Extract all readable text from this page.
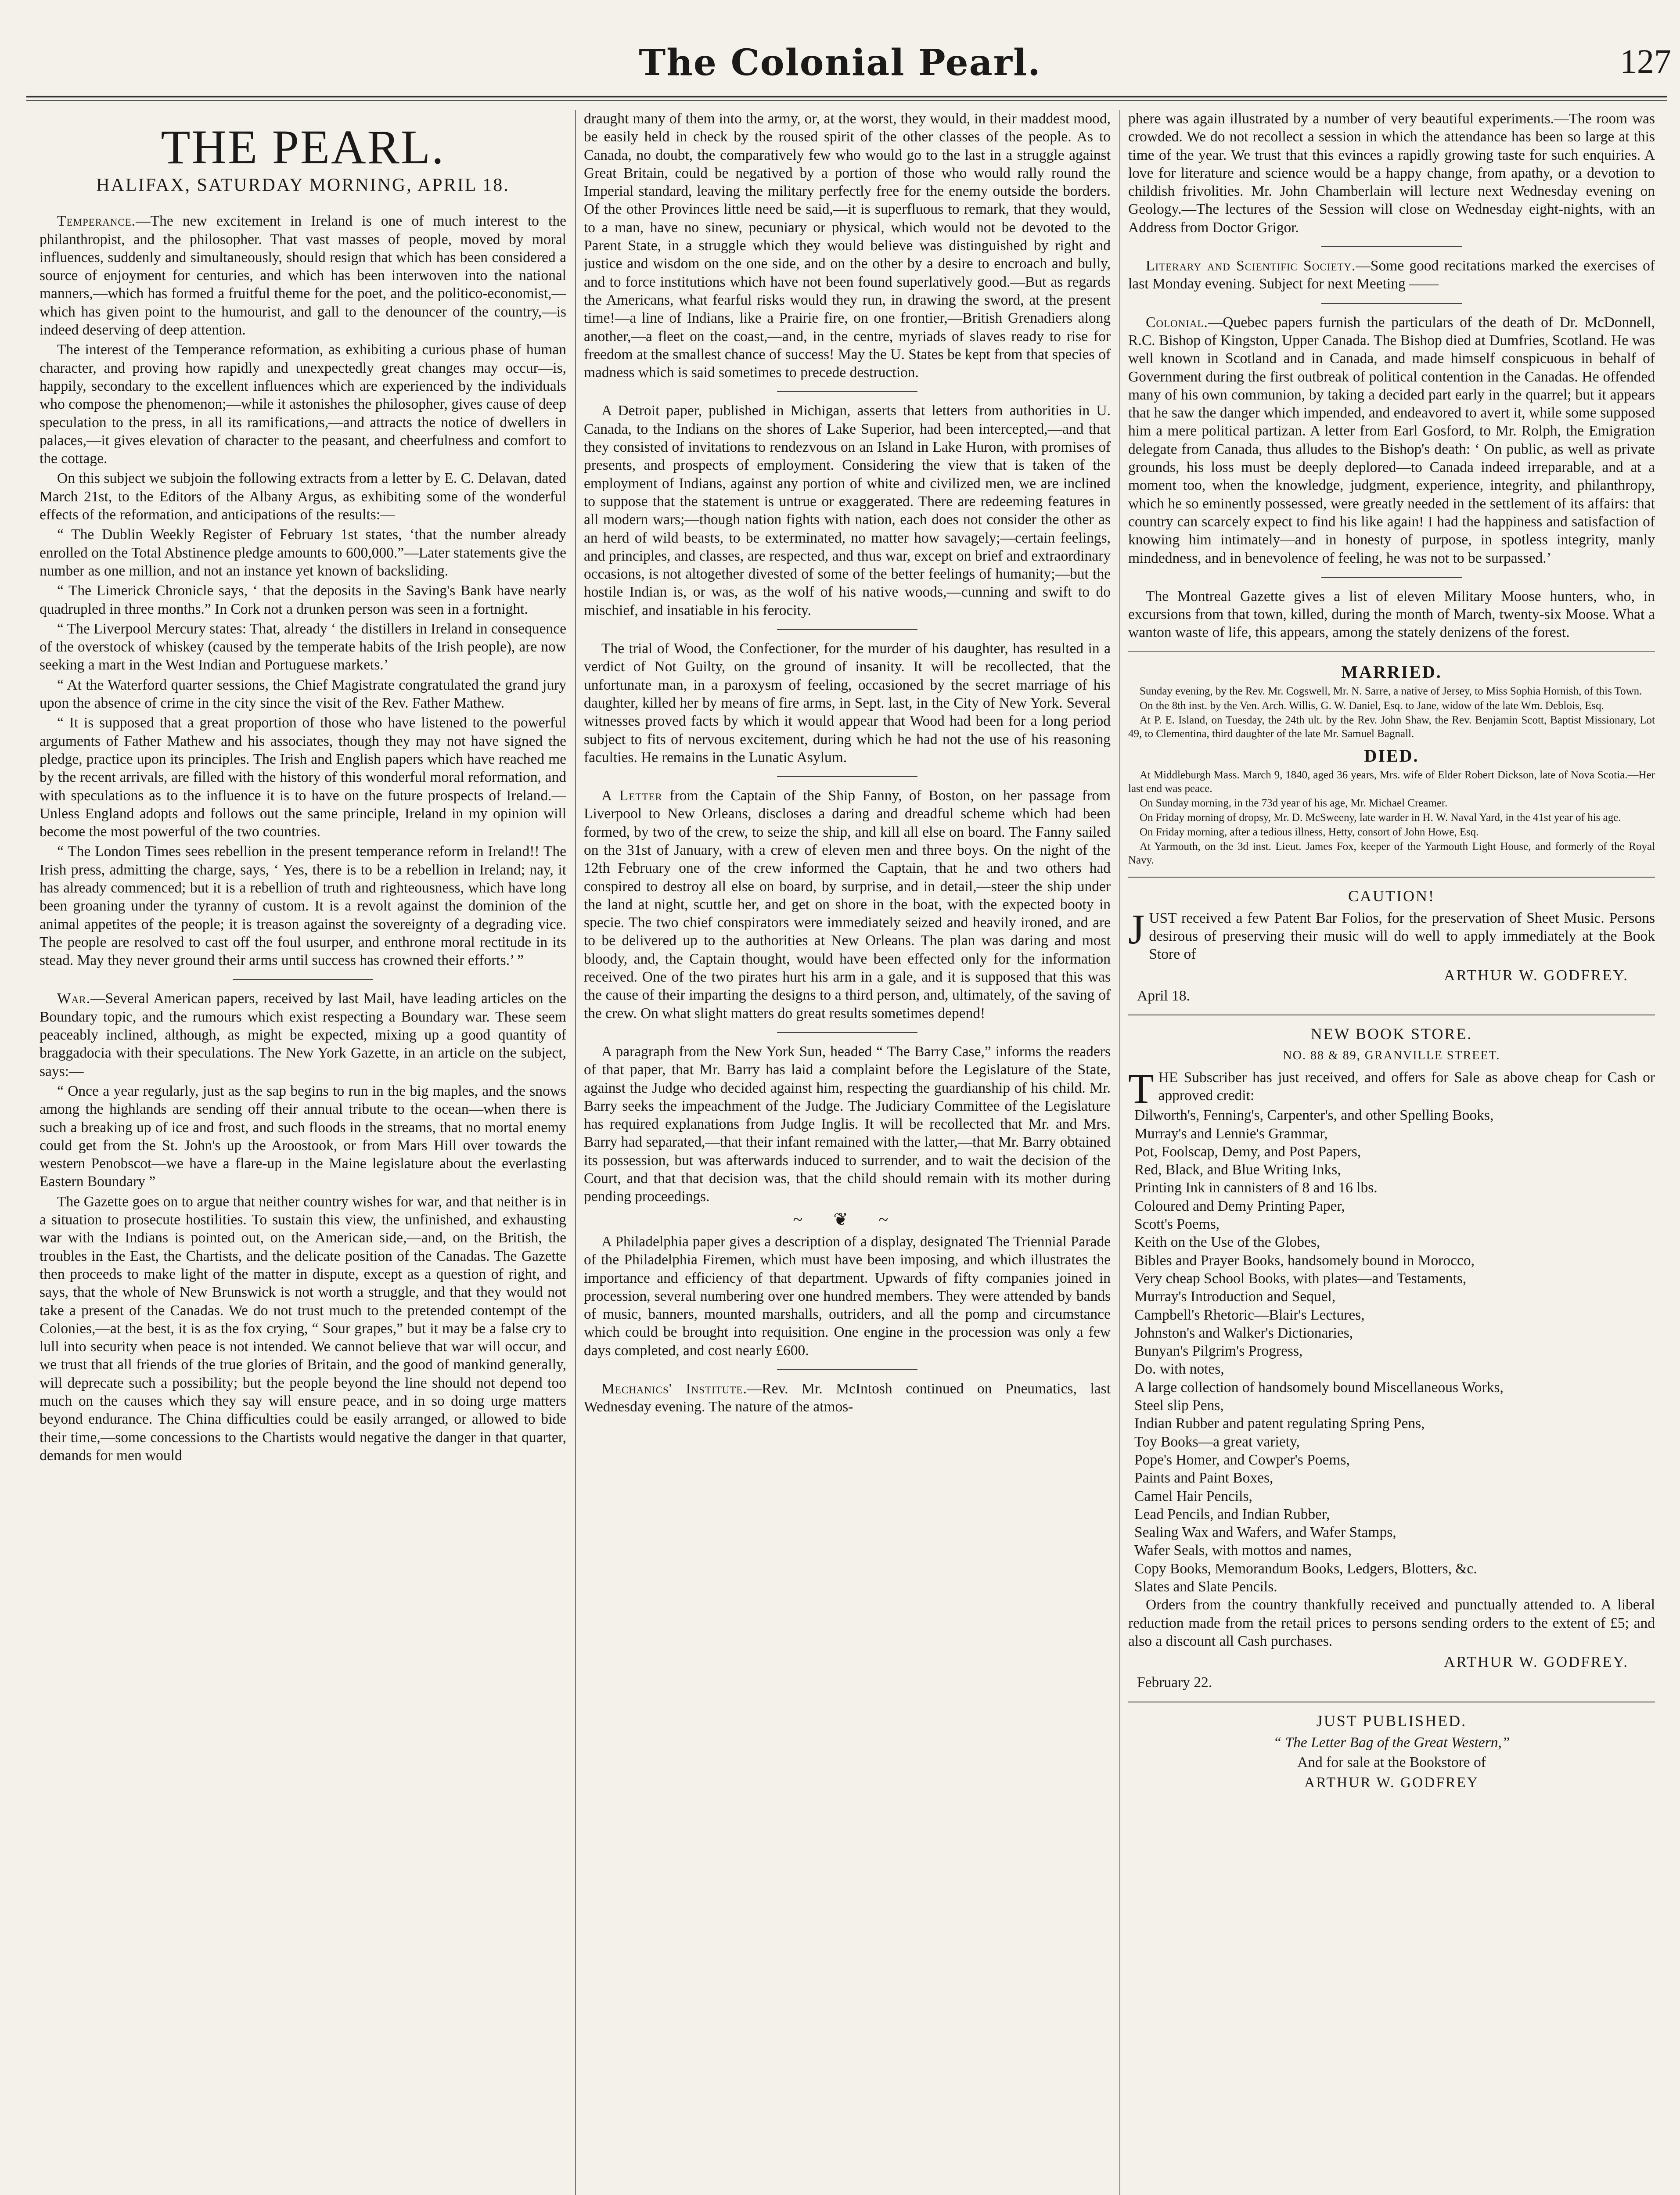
The Colonial Pearl.	127
THE PEARL.
HALIFAX, SATURDAY MORNING, APRIL 18.

Temperance.—The new excitement in Ireland is one of much interest to the philanthropist, and the philosopher. That vast masses of people, moved by moral influences, suddenly and simultaneously, should resign that which has been considered a source of enjoyment for centuries, and which has been interwoven into the national manners,—which has formed a fruitful theme for the poet, and the politico-economist,—which has given point to the humourist, and gall to the denouncer of the country,—is indeed deserving of deep attention.

The interest of the Temperance reformation, as exhibiting a curious phase of human character, and proving how rapidly and unexpectedly great changes may occur—is, happily, secondary to the excellent influences which are experienced by the individuals who compose the phenomenon;—while it astonishes the philosopher, gives cause of deep speculation to the press, in all its ramifications,—and attracts the notice of dwellers in palaces,—it gives elevation of character to the peasant, and cheerfulness and comfort to the cottage.

On this subject we subjoin the following extracts from a letter by E. C. Delavan, dated March 21st, to the Editors of the Albany Argus, as exhibiting some of the wonderful effects of the reformation, and anticipations of the results:—

“ The Dublin Weekly Register of February 1st states, ‘that the number already enrolled on the Total Abstinence pledge amounts to 600,000.”—Later statements give the number as one million, and not an instance yet known of backsliding.

“ The Limerick Chronicle says, ‘ that the deposits in the Saving's Bank have nearly quadrupled in three months.” In Cork not a drunken person was seen in a fortnight.

“ The Liverpool Mercury states: That, already ‘ the distillers in Ireland in consequence of the overstock of whiskey (caused by the temperate habits of the Irish people), are now seeking a mart in the West Indian and Portuguese markets.’

“ At the Waterford quarter sessions, the Chief Magistrate congratulated the grand jury upon the absence of crime in the city since the visit of the Rev. Father Mathew.

“ It is supposed that a great proportion of those who have listened to the powerful arguments of Father Mathew and his associates, though they may not have signed the pledge, practice upon its principles. The Irish and English papers which have reached me by the recent arrivals, are filled with the history of this wonderful moral reformation, and with speculations as to the influence it is to have on the future prospects of Ireland.—Unless England adopts and follows out the same principle, Ireland in my opinion will become the most powerful of the two countries.

“ The London Times sees rebellion in the present temperance reform in Ireland!! The Irish press, admitting the charge, says, ‘ Yes, there is to be a rebellion in Ireland; nay, it has already commenced; but it is a rebellion of truth and righteousness, which have long been groaning under the tyranny of custom. It is a revolt against the dominion of the animal appetites of the people; it is treason against the sovereignty of a degrading vice. The people are resolved to cast off the foul usurper, and enthrone moral rectitude in its stead. May they never ground their arms until success has crowned their efforts.’ ”

War.—Several American papers, received by last Mail, have leading articles on the Boundary topic, and the rumours which exist respecting a Boundary war. These seem peaceably inclined, although, as might be expected, mixing up a good quantity of braggadocia with their speculations. The New York Gazette, in an article on the subject, says:—

“ Once a year regularly, just as the sap begins to run in the big maples, and the snows among the highlands are sending off their annual tribute to the ocean—when there is such a breaking up of ice and frost, and such floods in the streams, that no mortal enemy could get from the St. John's up the Aroostook, or from Mars Hill over towards the western Penobscot—we have a flare-up in the Maine legislature about the everlasting Eastern Boundary ”

The Gazette goes on to argue that neither country wishes for war, and that neither is in a situation to prosecute hostilities. To sustain this view, the unfinished, and exhausting war with the Indians is pointed out, on the American side,—and, on the British, the troubles in the East, the Chartists, and the delicate position of the Canadas. The Gazette then proceeds to make light of the matter in dispute, except as a question of right, and says, that the whole of New Brunswick is not worth a struggle, and that they would not take a present of the Canadas. We do not trust much to the pretended contempt of the Colonies,—at the best, it is as the fox crying, “ Sour grapes,” but it may be a false cry to lull into security when peace is not intended. We cannot believe that war will occur, and we trust that all friends of the true glories of Britain, and the good of mankind generally, will deprecate such a possibility; but the people beyond the line should not depend too much on the causes which they say will ensure peace, and in so doing urge matters beyond endurance. The China difficulties could be easily arranged, or allowed to bide their time,—some concessions to the Chartists would negative the danger in that quarter, demands for men would

draught many of them into the army, or, at the worst, they would, in their maddest mood, be easily held in check by the roused spirit of the other classes of the people. As to Canada, no doubt, the comparatively few who would go to the last in a struggle against Great Britain, could be negatived by a portion of those who would rally round the Imperial standard, leaving the military perfectly free for the enemy outside the borders. Of the other Provinces little need be said,—it is superfluous to remark, that they would, to a man, have no sinew, pecuniary or physical, which would not be devoted to the Parent State, in a struggle which they would believe was distinguished by right and justice and wisdom on the one side, and on the other by a desire to encroach and bully, and to force institutions which have not been found superlatively good.—But as regards the Americans, what fearful risks would they run, in drawing the sword, at the present time!—a line of Indians, like a Prairie fire, on one frontier,—British Grenadiers along another,—a fleet on the coast,—and, in the centre, myriads of slaves ready to rise for freedom at the smallest chance of success! May the U. States be kept from that species of madness which is said sometimes to precede destruction.

A Detroit paper, published in Michigan, asserts that letters from authorities in U. Canada, to the Indians on the shores of Lake Superior, had been intercepted,—and that they consisted of invitations to rendezvous on an Island in Lake Huron, with promises of presents, and prospects of employment. Considering the view that is taken of the employment of Indians, against any portion of white and civilized men, we are inclined to suppose that the statement is untrue or exaggerated. There are redeeming features in all modern wars;—though nation fights with nation, each does not consider the other as an herd of wild beasts, to be exterminated, no matter how savagely;—certain feelings, and principles, and classes, are respected, and thus war, except on brief and extraordinary occasions, is not altogether divested of some of the better feelings of humanity;—but the hostile Indian is, or was, as the wolf of his native woods,—cunning and swift to do mischief, and insatiable in his ferocity.

The trial of Wood, the Confectioner, for the murder of his daughter, has resulted in a verdict of Not Guilty, on the ground of insanity. It will be recollected, that the unfortunate man, in a paroxysm of feeling, occasioned by the secret marriage of his daughter, killed her by means of fire arms, in Sept. last, in the City of New York. Several witnesses proved facts by which it would appear that Wood had been for a long period subject to fits of nervous excitement, during which he had not the use of his reasoning faculties. He remains in the Lunatic Asylum.

A Letter from the Captain of the Ship Fanny, of Boston, on her passage from Liverpool to New Orleans, discloses a daring and dreadful scheme which had been formed, by two of the crew, to seize the ship, and kill all else on board. The Fanny sailed on the 31st of January, with a crew of eleven men and three boys. On the night of the 12th February one of the crew informed the Captain, that he and two others had conspired to destroy all else on board, by surprise, and in detail,—steer the ship under the land at night, scuttle her, and get on shore in the boat, with the expected booty in specie. The two chief conspirators were immediately seized and heavily ironed, and are to be delivered up to the authorities at New Orleans. The plan was daring and most bloody, and, the Captain thought, would have been effected only for the information received. One of the two pirates hurt his arm in a gale, and it is supposed that this was the cause of their imparting the designs to a third person, and, ultimately, of the saving of the crew. On what slight matters do great results sometimes depend!

A paragraph from the New York Sun, headed “ The Barry Case,” informs the readers of that paper, that Mr. Barry has laid a complaint before the Legislature of the State, against the Judge who decided against him, respecting the guardianship of his child. Mr. Barry seeks the impeachment of the Judge. The Judiciary Committee of the Legislature has required explanations from Judge Inglis. It will be recollected that Mr. and Mrs. Barry had separated,—that their infant remained with the latter,—that Mr. Barry obtained its possession, but was afterwards induced to surrender, and to wait the decision of the Court, and that that decision was, that the child should remain with its mother during pending proceedings.

~ ❦ ~

A Philadelphia paper gives a description of a display, designated The Triennial Parade of the Philadelphia Firemen, which must have been imposing, and which illustrates the importance and efficiency of that department. Upwards of fifty companies joined in procession, several numbering over one hundred members. They were attended by bands of music, banners, mounted marshalls, outriders, and all the pomp and circumstance which could be brought into requisition. One engine in the procession was only a few days completed, and cost nearly £600.

Mechanics' Institute.—Rev. Mr. McIntosh continued on Pneumatics, last Wednesday evening. The nature of the atmos-

phere was again illustrated by a number of very beautiful experiments.—The room was crowded. We do not recollect a session in which the attendance has been so large at this time of the year. We trust that this evinces a rapidly growing taste for such enquiries. A love for literature and science would be a happy change, from apathy, or a devotion to childish frivolities. Mr. John Chamberlain will lecture next Wednesday evening on Geology.—The lectures of the Session will close on Wednesday eight-nights, with an Address from Doctor Grigor.

Literary and Scientific Society.—Some good recitations marked the exercises of last Monday evening. Subject for next Meeting ——

Colonial.—Quebec papers furnish the particulars of the death of Dr. McDonnell, R.C. Bishop of Kingston, Upper Canada. The Bishop died at Dumfries, Scotland. He was well known in Scotland and in Canada, and made himself conspicuous in behalf of Government during the first outbreak of political contention in the Canadas. He offended many of his own communion, by taking a decided part early in the quarrel; but it appears that he saw the danger which impended, and endeavored to avert it, while some supposed him a mere political partizan. A letter from Earl Gosford, to Mr. Rolph, the Emigration delegate from Canada, thus alludes to the Bishop's death: ‘ On public, as well as private grounds, his loss must be deeply deplored—to Canada indeed irreparable, and at a moment too, when the knowledge, judgment, experience, integrity, and philanthropy, which he so eminently possessed, were greatly needed in the settlement of its affairs: that country can scarcely expect to find his like again! I had the happiness and satisfaction of knowing him intimately—and in honesty of purpose, in spotless integrity, manly mindedness, and in benevolence of feeling, he was not to be surpassed.’

The Montreal Gazette gives a list of eleven Military Moose hunters, who, in excursions from that town, killed, during the month of March, twenty-six Moose. What a wanton waste of life, this appears, among the stately denizens of the forest.

MARRIED.

Sunday evening, by the Rev. Mr. Cogswell, Mr. N. Sarre, a native of Jersey, to Miss Sophia Hornish, of this Town.

On the 8th inst. by the Ven. Arch. Willis, G. W. Daniel, Esq. to Jane, widow of the late Wm. Deblois, Esq.

At P. E. Island, on Tuesday, the 24th ult. by the Rev. John Shaw, the Rev. Benjamin Scott, Baptist Missionary, Lot 49, to Clementina, third daughter of the late Mr. Samuel Bagnall.

DIED.

At Middleburgh Mass. March 9, 1840, aged 36 years, Mrs. wife of Elder Robert Dickson, late of Nova Scotia.—Her last end was peace.

On Sunday morning, in the 73d year of his age, Mr. Michael Creamer.

On Friday morning of dropsy, Mr. D. McSweeny, late warder in H. W. Naval Yard, in the 41st year of his age.

On Friday morning, after a tedious illness, Hetty, consort of John Howe, Esq.

At Yarmouth, on the 3d inst. Lieut. James Fox, keeper of the Yarmouth Light House, and formerly of the Royal Navy.

CAUTION!

JUST received a few Patent Bar Folios, for the preservation of Sheet Music. Persons desirous of preserving their music will do well to apply immediately at the Book Store of

ARTHUR W. GODFREY.

April 18.

NEW BOOK STORE.
NO. 88 & 89, GRANVILLE STREET.

THE Subscriber has just received, and offers for Sale as above cheap for Cash or approved credit:

Dilworth's, Fenning's, Carpenter's, and other Spelling Books,

Murray's and Lennie's Grammar,

Pot, Foolscap, Demy, and Post Papers,

Red, Black, and Blue Writing Inks,

Printing Ink in cannisters of 8 and 16 lbs.

Coloured and Demy Printing Paper,

Scott's Poems,

Keith on the Use of the Globes,

Bibles and Prayer Books, handsomely bound in Morocco,

Very cheap School Books, with plates—and Testaments,

Murray's Introduction and Sequel,

Campbell's Rhetoric—Blair's Lectures,

Johnston's and Walker's Dictionaries,

Bunyan's Pilgrim's Progress,

Do. with notes,

A large collection of handsomely bound Miscellaneous Works,

Steel slip Pens,

Indian Rubber and patent regulating Spring Pens,

Toy Books—a great variety,

Pope's Homer, and Cowper's Poems,

Paints and Paint Boxes,

Camel Hair Pencils,

Lead Pencils, and Indian Rubber,

Sealing Wax and Wafers, and Wafer Stamps,

Wafer Seals, with mottos and names,

Copy Books, Memorandum Books, Ledgers, Blotters, &c.

Slates and Slate Pencils.

Orders from the country thankfully received and punctually attended to. A liberal reduction made from the retail prices to persons sending orders to the extent of £5; and also a discount all Cash purchases.

ARTHUR W. GODFREY.

February 22.

JUST PUBLISHED.

“ The Letter Bag of the Great Western,”

And for sale at the Bookstore of

ARTHUR W. GODFREY
